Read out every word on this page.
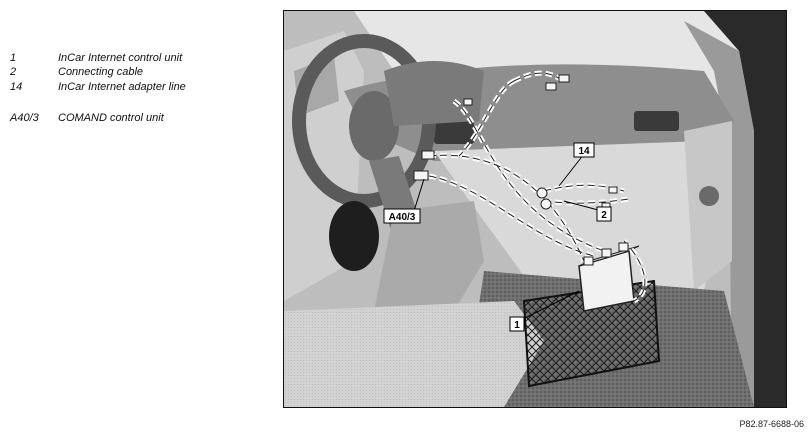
1	InCar Internet control unit
2	Connecting cable
14	InCar Internet adapter line
A40/3	COMAND control unit
1
2
14
A40/3
P82.87-6688-06
